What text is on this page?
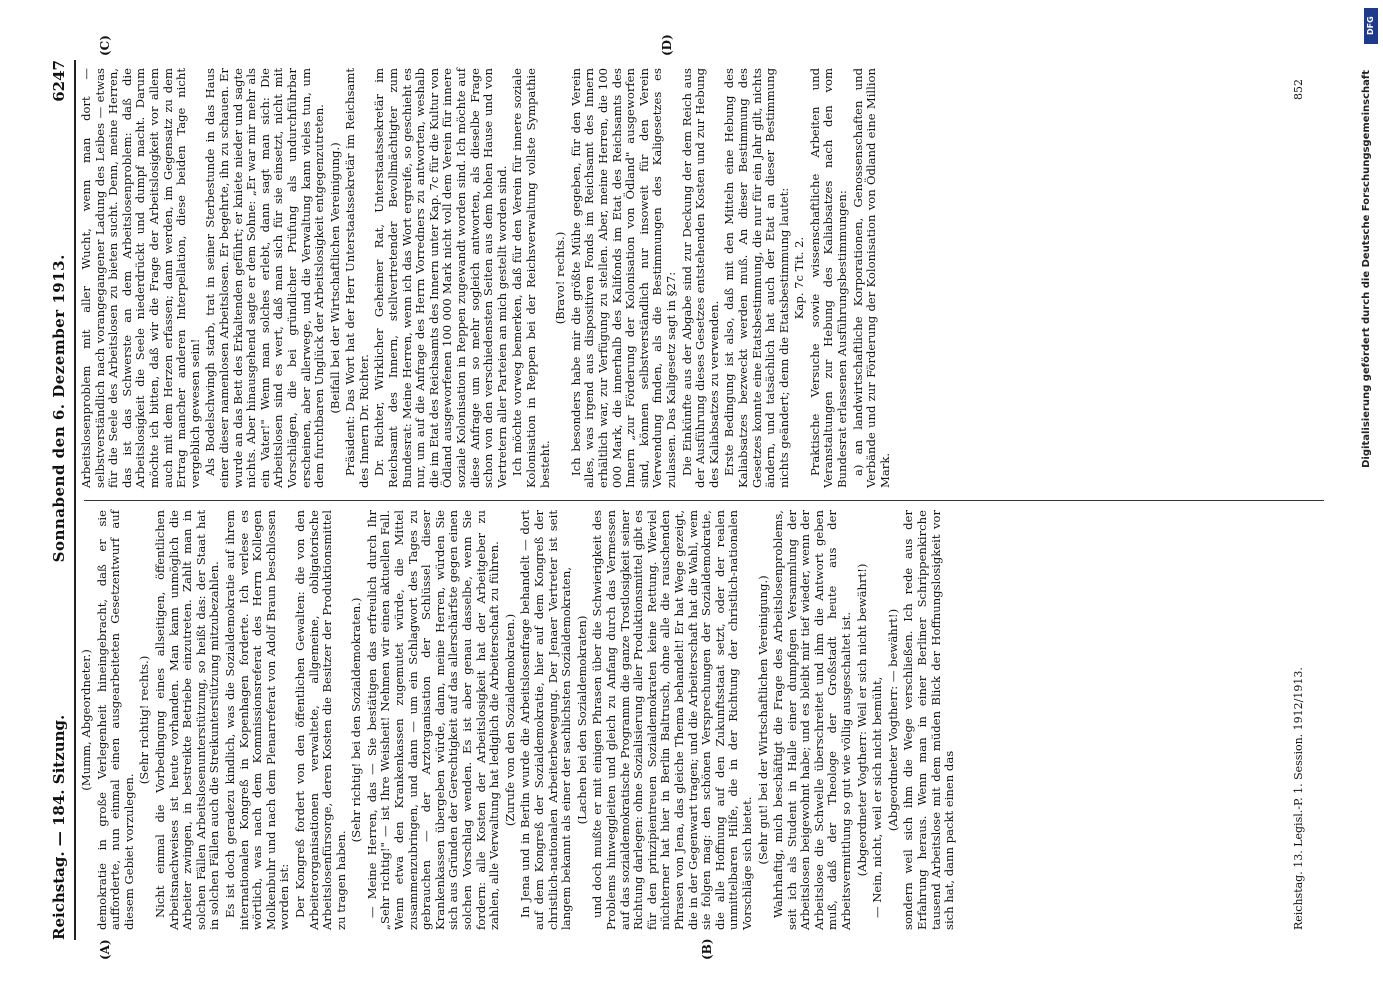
Reichstag. — 184. Sitzung.
Sonnabend den 6. Dezember 1913.
6247
(A)	(B)
(C)	(D)

(Mumm, Abgeordneter.) demokratie in große Verlegenheit hineingebracht, daß er sie aufforderte, nun einmal einen ausgearbeiteten Gesetzentwurf auf diesem Gebiet vorzulegen.

(Sehr richtig! rechts.) Nicht einmal die Vorbedingung eines allseitigen, öffentlichen Arbeitsnachweises ist heute vorhanden. Man kann unmöglich die Arbeiter zwingen, in bestreikte Betriebe einzutreten. Zahlt man in solchen Fällen Arbeitslosenunterstützung, so heißt das: der Staat hat in solchen Fällen auch die Streikunterstützung mitzubezahlen. Es ist doch geradezu kindlich, was die Sozialdemokratie auf ihrem internationalen Kongreß in Kopenhagen forderte. Ich verlese es wörtlich, was nach dem Kommissionsreferat des Herrn Kollegen Molkenbuhr und nach dem Plenarreferat von Adolf Braun beschlossen worden ist: Der Kongreß fordert von den öffentlichen Gewalten: die von den Arbeiterorganisationen verwaltete, allgemeine, obligatorische Arbeitslosenfürsorge, deren Kosten die Besitzer der Produktionsmittel zu tragen haben.

(Sehr richtig! bei den Sozialdemokraten.) — Meine Herren, das — Sie bestätigen das erfreulich durch Ihr „Sehr richtig!" — ist Ihre Weisheit! Nehmen wir einen aktuellen Fall. Wenn etwa den Krankenkassen zugemutet würde, die Mittel zusammenzubringen, und dann — um ein Schlagwort des Tages zu gebrauchen — der Arztorganisation der Schlüssel dieser Krankenkassen übergeben würde, dann, meine Herren, würden Sie sich aus Gründen der Gerechtigkeit auf das allerschärfste gegen einen solchen Vorschlag wenden. Es ist aber genau dasselbe, wenn Sie fordern: alle Kosten der Arbeitslosigkeit hat der Arbeitgeber zu zahlen, alle Verwaltung hat lediglich die Arbeiterschaft zu führen. (Zurufe von den Sozialdemokraten.) In Jena und in Berlin wurde die Arbeitslosenfrage behandelt — dort auf dem Kongreß der Sozialdemokratie, hier auf dem Kongreß der christlich-nationalen Arbeiterbewegung. Der Jenaer Vertreter ist seit langem bekannt als einer der sachlichsten Sozialdemokraten, (Lachen bei den Sozialdemokraten) und doch mußte er mit einigen Phrasen über die Schwierigkeit des Problems hinweggleiten und gleich zu Anfang durch das Vermessen auf das sozialdemokratische Programm die ganze Trostlosigkeit seiner Richtung darlegen: ohne Sozialisierung aller Produktionsmittel gibt es für den prinzipientreuen Sozialdemokraten keine Rettung. Wieviel nüchterner hat hier in Berlin Baltrusch, ohne alle die rauschenden Phrasen von Jena, das gleiche Thema behandelt! Er hat Wege gezeigt, die in der Gegenwart tragen; und die Arbeiterschaft hat die Wahl, wem sie folgen mag: den schönen Versprechungen der Sozialdemokratie, die alle Hoffnung auf den Zukunftsstaat setzt, oder der realen unmittelbaren Hilfe, die in der Richtung der christlich-nationalen Vorschläge sich bietet. (Sehr gut! bei der Wirtschaftlichen Vereinigung.) Wahrhaftig, mich beschäftigt die Frage des Arbeitslosenproblems, seit ich als Student in Halle einer dumpfigen Versammlung der Arbeitslosen beigewohnt habe; und es bleibt mir tief wieder, wenn der Arbeitslose die Schwelle überschreitet und ihm die Antwort geben muß, daß der Theologe der Großstadt heute aus der Arbeitsvermittlung so gut wie völlig ausgeschaltet ist. (Abgeordneter Vogtherr: Weil er sich nicht bewährt!) — Nein, nicht, weil er sich nicht bemüht, (Abgeordneter Vogtherr: — bewährt!) sondern weil sich ihm die Wege verschließen. Ich rede aus der Erfahrung heraus. Wenn man in einer Berliner Schrippenkirche tausend Arbeitslose mit dem müden Blick der Hoffnungslosigkeit vor sich hat, dann packt einen das

Arbeitslosenproblem mit aller Wucht, wenn man dort — selbstverständlich nach vorangegangener Ladung des Leibes — etwas für die Seele des Arbeitslosen zu bieten sucht. Denn, meine Herren, das ist das Schwerste an dem Arbeitslosenproblem: daß die Arbeitslosigkeit die Seele niederdrückt und dumpf macht. Darum möchte ich bitten, daß wir die Frage der Arbeitslosigkeit vor allem auch mit dem Herzen erfassen; dann werden, im Gegensatz zu dem Ertrag mancher anderen Interpellation, diese beiden Tage nicht vergeblich gewesen sein! Als Bodelschwingh starb, trat in seiner Sterbestunde in das Haus einer dieser namenlosen Arbeitslosen. Er begehrte, ihn zu schauen. Er wurde an das Bett des Erkaltenden geführt; er kniete nieder und sagte nichts. Aber hinausgehend sagte er dem Sohne: „Er war mir mehr als ein Vater!" Wenn man solches erlebt, dann sagt man sich: Die Arbeitslosen sind es wert, daß man sich für sie einsetzt, nicht mit Vorschlägen, die bei gründlicher Prüfung als undurchführbar erscheinen, aber allerwege, und die Verwaltung kann vieles tun, um dem furchtbaren Unglück der Arbeitslosigkeit entgegenzutreten. (Beifall bei der Wirtschaftlichen Vereinigung.) Präsident: Das Wort hat der Herr Unterstaatssekretär im Reichsamt des Innern Dr. Richter. Dr. Richter, Wirklicher Geheimer Rat, Unterstaatssekretär im Reichsamt des Innern, stellvertretender Bevollmächtigter zum Bundesrat: Meine Herren, wenn ich das Wort ergreife, so geschieht es nur, um auf die Anfrage des Herrn Vorredners zu antworten, weshalb die im Etat des Reichsamts des Innern unter Kap. 7c für die Kultur von Ödland ausgeworfenen 100 000 Mark nicht voll dem Verein für innere soziale Kolonisation in Reppen zugewandt worden sind. Ich möchte auf diese Anfrage um so mehr sogleich antworten, als dieselbe Frage schon von den verschiedensten Seiten aus dem hohen Hause und von Vertretern aller Parteien an mich gestellt worden sind. Ich möchte vorweg bemerken, daß für den Verein für innere soziale Kolonisation in Reppen bei der Reichsverwaltung vollste Sympathie besteht.

(Bravo! rechts.) Ich besonders habe mir die größte Mühe gegeben, für den Verein alles, was irgend aus dispositiven Fonds im Reichsamt des Innern erhältlich war, zur Verfügung zu stellen. Aber, meine Herren, die 100 000 Mark, die innerhalb des Kalifonds im Etat des Reichsamts des Innern „zur Förderung der Kolonisation von Ödland" ausgeworfen sind, können selbstverständlich nur insoweit für den Verein Verwendung finden, als die Bestimmungen des Kaligesetzes es zulassen. Das Kaligesetz sagt in §27: Die Einkünfte aus der Abgabe sind zur Deckung der dem Reich aus der Ausführung dieses Gesetzes entstehenden Kosten und zur Hebung des Kaliabsatzes zu verwenden. Erste Bedingung ist also, daß mit den Mitteln eine Hebung des Kaliabsatzes bezweckt werden muß. An dieser Bestimmung des Gesetzes konnte eine Etatsbestimmung, die nur für ein Jahr gilt, nichts ändern, und tatsächlich hat auch der Etat an dieser Bestimmung nichts geändert; denn die Etatsbestimmung lautet: Kap. 7c Tit. 2. Praktische Versuche sowie wissenschaftliche Arbeiten und Veranstaltungen zur Hebung des Kaliabsatzes nach den vom Bundesrat erlassenen Ausführungsbestimmungen: a) an landwirtschaftliche Korporationen, Genossenschaften und Verbände und zur Förderung der Kolonisation von Ödland eine Million Mark.

Reichstag. 13. Legisl.-P. 1. Session. 1912/1913.
852
DFG
Digitalisierung gefördert durch die Deutsche Forschungsgemeinschaft
